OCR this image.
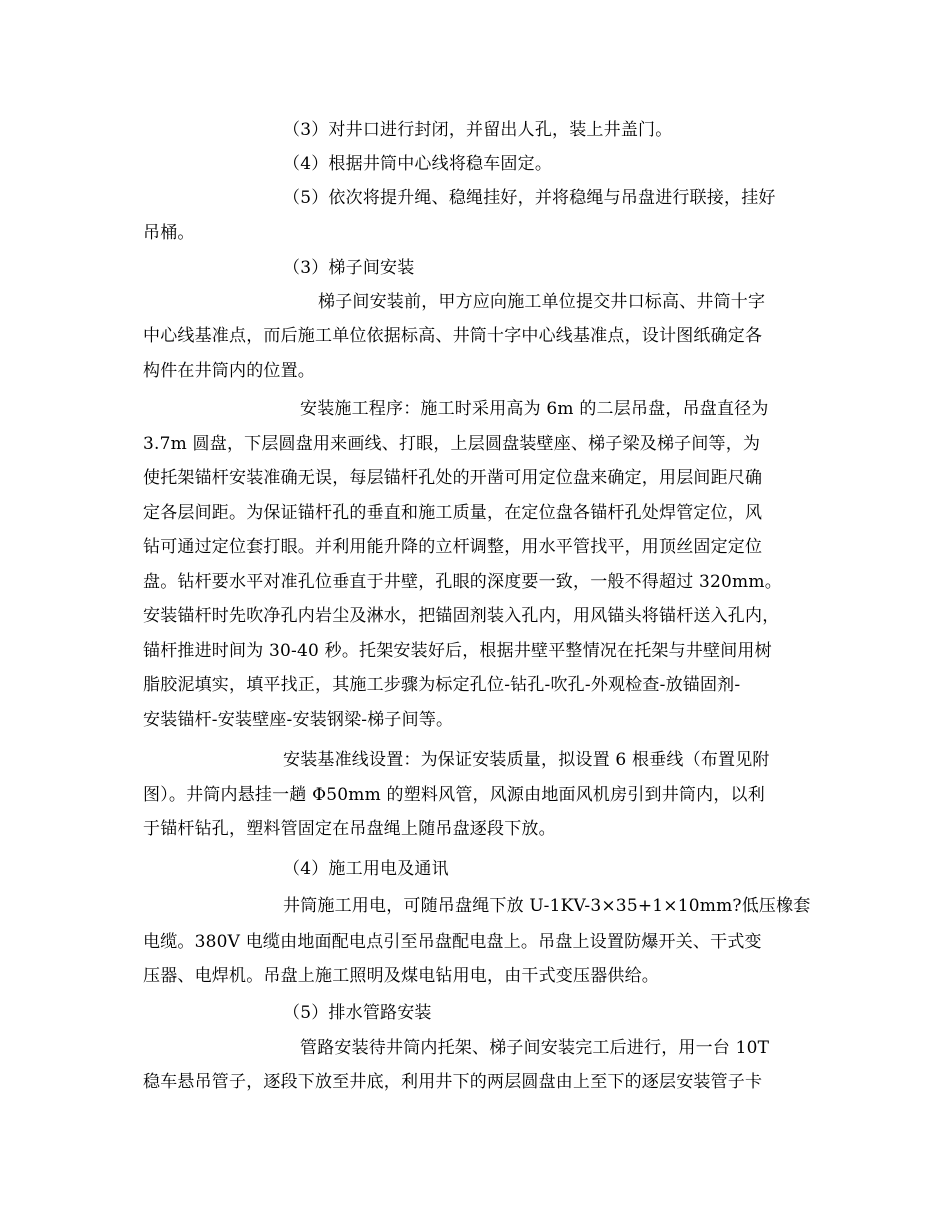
（3）对井口进行封闭，并留出人孔，装上井盖门。
（4）根据井筒中心线将稳车固定。
（5）依次将提升绳、稳绳挂好，并将稳绳与吊盘进行联接，挂好
吊桶。
（3）梯子间安装
梯子间安装前，甲方应向施工单位提交井口标高、井筒十字
中心线基准点，而后施工单位依据标高、井筒十字中心线基准点，设计图纸确定各
构件在井筒内的位置。
安装施工程序：施工时采用高为 6m 的二层吊盘，吊盘直径为
3.7m 圆盘，下层圆盘用来画线、打眼，上层圆盘装壁座、梯子梁及梯子间等，为
使托架锚杆安装准确无误，每层锚杆孔处的开凿可用定位盘来确定，用层间距尺确
定各层间距。为保证锚杆孔的垂直和施工质量，在定位盘各锚杆孔处焊管定位，风
钻可通过定位套打眼。并利用能升降的立杆调整，用水平管找平，用顶丝固定定位
盘。钻杆要水平对准孔位垂直于井壁，孔眼的深度要一致，一般不得超过 320mm。
安装锚杆时先吹净孔内岩尘及淋水，把锚固剂装入孔内，用风锚头将锚杆送入孔内，
锚杆推进时间为 30-40 秒。托架安装好后，根据井壁平整情况在托架与井壁间用树
脂胶泥填实，填平找正，其施工步骤为标定孔位-钻孔-吹孔-外观检查-放锚固剂-
安装锚杆-安装壁座-安装钢梁-梯子间等。
安装基准线设置：为保证安装质量，拟设置 6 根垂线（布置见附
图）。井筒内悬挂一趟 Φ50mm 的塑料风管，风源由地面风机房引到井筒内，以利
于锚杆钻孔，塑料管固定在吊盘绳上随吊盘逐段下放。
（4）施工用电及通讯
井筒施工用电，可随吊盘绳下放 U-1KV-3×35+1×10mm?低压橡套
电缆。380V 电缆由地面配电点引至吊盘配电盘上。吊盘上设置防爆开关、干式变
压器、电焊机。吊盘上施工照明及煤电钻用电，由干式变压器供给。
（5）排水管路安装
管路安装待井筒内托架、梯子间安装完工后进行，用一台 10T
稳车悬吊管子，逐段下放至井底，利用井下的两层圆盘由上至下的逐层安装管子卡
